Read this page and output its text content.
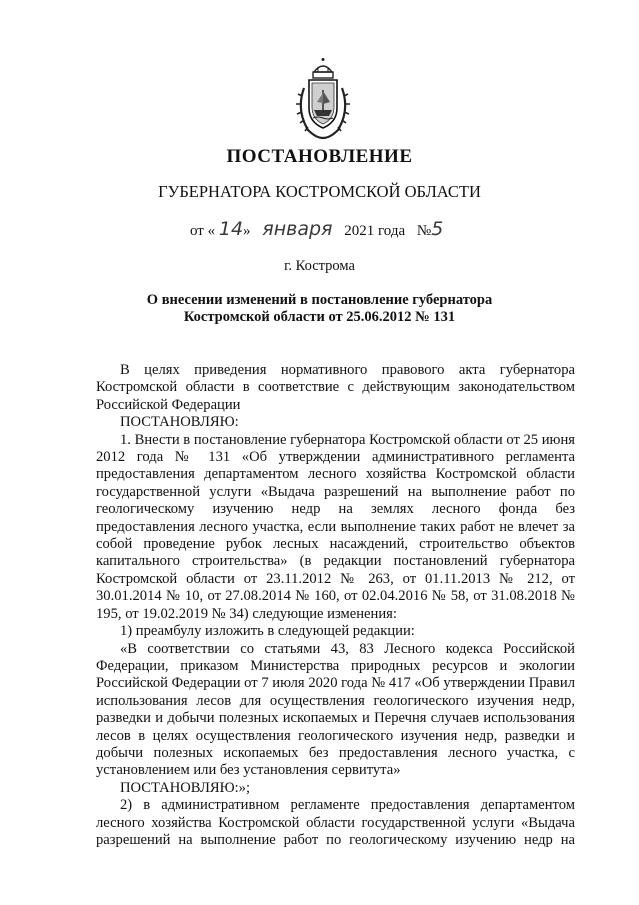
ПОСТАНОВЛЕНИЕ
ГУБЕРНАТОРА КОСТРОМСКОЙ ОБЛАСТИ
от « 14» января 2021 года №5
г. Кострома
О внесении изменений в постановление губернатора
Костромской области от 25.06.2012 № 131

В целях приведения нормативного правового акта губернатора Костромской области в соответствие с действующим законодательством Российской Федерации

ПОСТАНОВЛЯЮ:

1. Внести в постановление губернатора Костромской области от 25 июня 2012 года № 131 «Об утверждении административного регламента предоставления департаментом лесного хозяйства Костромской области государственной услуги «Выдача разрешений на выполнение работ по геологическому изучению недр на землях лесного фонда без предоставления лесного участка, если выполнение таких работ не влечет за собой проведение рубок лесных насаждений, строительство объектов капитального строительства» (в редакции постановлений губернатора Костромской области от 23.11.2012 № 263, от 01.11.2013 № 212, от 30.01.2014 № 10, от 27.08.2014 № 160, от 02.04.2016 № 58, от 31.08.2018 № 195, от 19.02.2019 № 34) следующие изменения:

1) преамбулу изложить в следующей редакции:

«В соответствии со статьями 43, 83 Лесного кодекса Российской Федерации, приказом Министерства природных ресурсов и экологии Российской Федерации от 7 июля 2020 года № 417 «Об утверждении Правил использования лесов для осуществления геологического изучения недр, разведки и добычи полезных ископаемых и Перечня случаев использования лесов в целях осуществления геологического изучения недр, разведки и добычи полезных ископаемых без предоставления лесного участка, с установлением или без установления сервитута»

ПОСТАНОВЛЯЮ:»;

2) в административном регламенте предоставления департаментом лесного хозяйства Костромской области государственной услуги «Выдача разрешений на выполнение работ по геологическому изучению недр на
